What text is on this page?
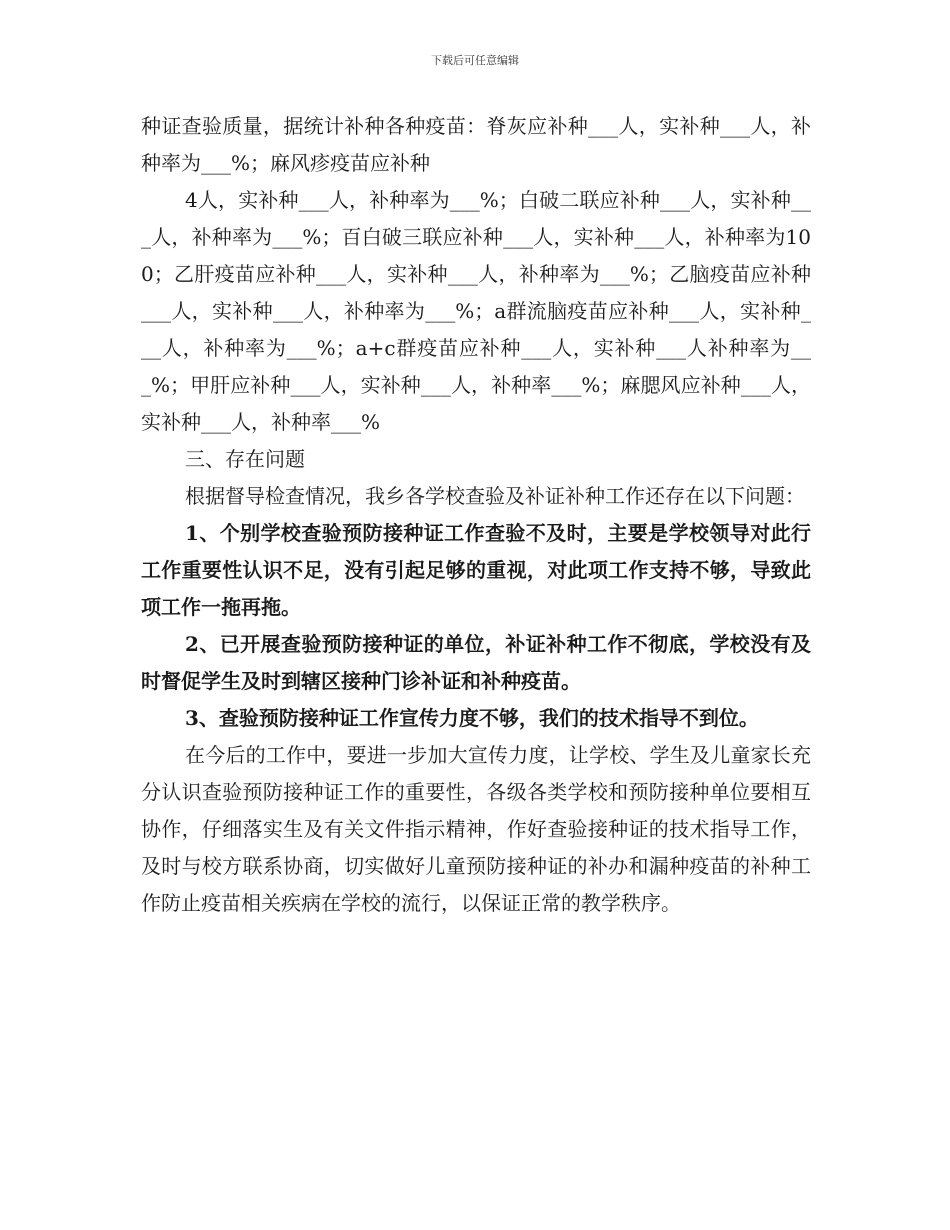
下载后可任意编辑

种证查验质量，据统计补种各种疫苗：脊灰应补种___人，实补种___人，补种率为___%；麻风疹疫苗应补种

4人，实补种___人，补种率为___%；白破二联应补种___人，实补种___人，补种率为___%；百白破三联应补种___人，实补种___人，补种率为100；乙肝疫苗应补种___人，实补种___人，补种率为___%；乙脑疫苗应补种___人，实补种___人，补种率为___%；a群流脑疫苗应补种___人，实补种___人，补种率为___%；a+c群疫苗应补种___人，实补种___人补种率为___%；甲肝应补种___人，实补种___人，补种率___%；麻腮风应补种___人，实补种___人，补种率___%

三、存在问题

根据督导检查情况，我乡各学校查验及补证补种工作还存在以下问题：

1、个别学校查验预防接种证工作查验不及时，主要是学校领导对此行工作重要性认识不足，没有引起足够的重视，对此项工作支持不够，导致此项工作一拖再拖。

2、已开展查验预防接种证的单位，补证补种工作不彻底，学校没有及时督促学生及时到辖区接种门诊补证和补种疫苗。

3、查验预防接种证工作宣传力度不够，我们的技术指导不到位。

在今后的工作中，要进一步加大宣传力度，让学校、学生及儿童家长充分认识查验预防接种证工作的重要性，各级各类学校和预防接种单位要相互协作，仔细落实生及有关文件指示精神，作好查验接种证的技术指导工作，及时与校方联系协商，切实做好儿童预防接种证的补办和漏种疫苗的补种工作防止疫苗相关疾病在学校的流行，以保证正常的教学秩序。
